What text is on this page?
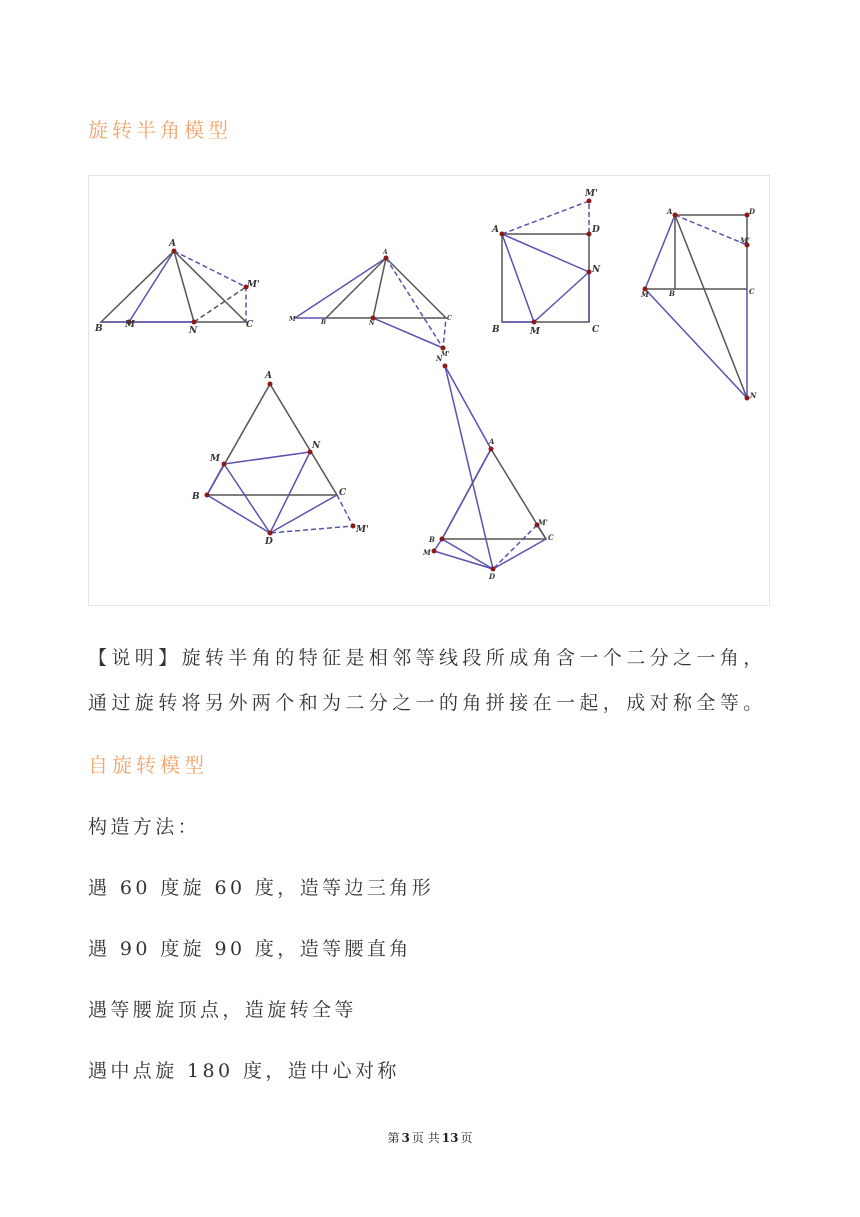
旋转半角模型
A
B M
N
C
M'
A
B
M
N
C
M'
A
M'
D
N
B	M	C
A	D
M'
C
B
M
N
A
M
N
B	C
D
M'
N
A
B
M
D
M'
C

【说明】旋转半角的特征是相邻等线段所成角含一个二分之一角，

通过旋转将另外两个和为二分之一的角拼接在一起，成对称全等。

自旋转模型

构造方法：

遇 60 度旋 60 度，造等边三角形

遇 90 度旋 90 度，造等腰直角

遇等腰旋顶点，造旋转全等

遇中点旋 180 度，造中心对称

第 3 页 共 13 页
